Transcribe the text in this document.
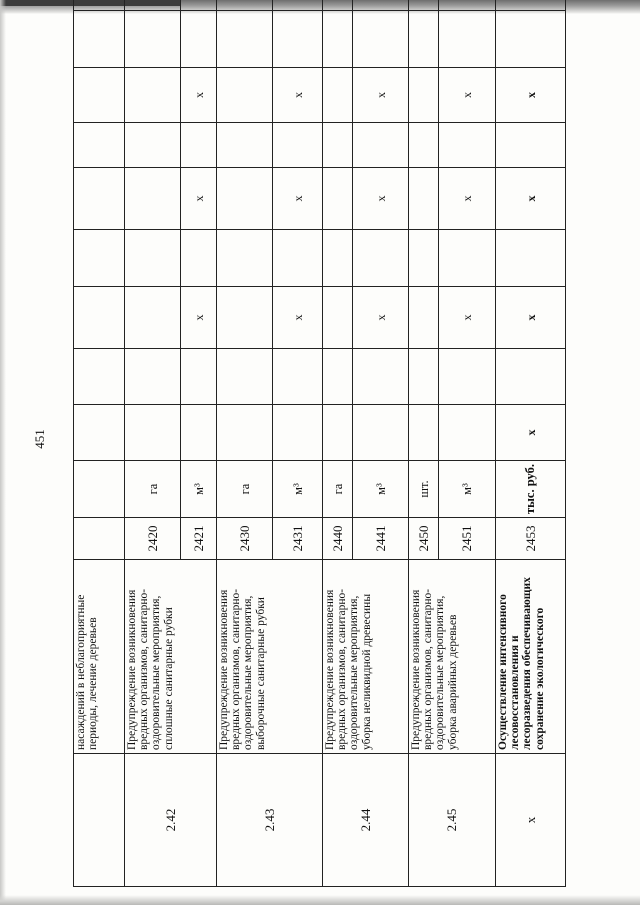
451
	насаждений в неблагоприятные периоды, лечение деревьев											
2.42	Предупреждение возникновения вредных организмов, санитарно-оздоровительные мероприятия, сплошные санитарные рубки	2420	га									
		2421	м³			x		x		x		
2.43	Предупреждение возникновения вредных организмов, санитарно-оздоровительные мероприятия, выборочные санитарные рубки	2430	га									
		2431	м³			x		x		x		
2.44	Предупреждение возникновения вредных организмов, санитарно-оздоровительные мероприятия, уборка неликвидной древесины	2440	га									
		2441	м³			x		x		x		
2.45	Предупреждение возникновения вредных организмов, санитарно-оздоровительные мероприятия, уборка аварийных деревьев	2450	шт.									
		2451	м³			x		x		x		
x	Осуществление интенсивного лесовосстановления и лесоразведения обеспечивающих сохранение экологического	2453	тыс. руб.	x		x		x		x		
